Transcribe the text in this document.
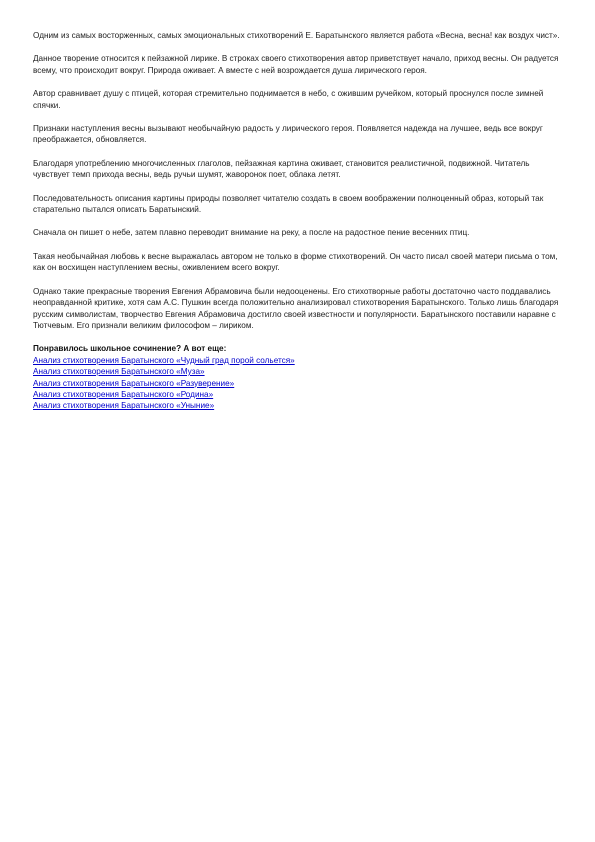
Одним из самых восторженных, самых эмоциональных стихотворений Е. Баратынского является работа «Весна, весна! как воздух чист».

Данное творение относится к пейзажной лирике. В строках своего стихотворения автор приветствует начало, приход весны. Он радуется всему, что происходит вокруг. Природа оживает. А вместе с ней возрождается душа лирического героя.

Автор сравнивает душу с птицей, которая стремительно поднимается в небо, с ожившим ручейком, который проснулся после зимней спячки.

Признаки наступления весны вызывают необычайную радость у лирического героя. Появляется надежда на лучшее, ведь все вокруг преображается, обновляется.

Благодаря употреблению многочисленных глаголов, пейзажная картина оживает, становится реалистичной, подвижной. Читатель чувствует темп прихода весны, ведь ручьи шумят, жаворонок поет, облака летят.

Последовательность описания картины природы позволяет читателю создать в своем воображении полноценный образ, который так старательно пытался описать Баратынский.

Сначала он пишет о небе, затем плавно переводит внимание на реку, а после на радостное пение весенних птиц.

Такая необычайная любовь к весне выражалась автором не только в форме стихотворений. Он часто писал своей матери письма о том, как он восхищен наступлением весны, оживлением всего вокруг.

Однако такие прекрасные творения Евгения Абрамовича были недооценены. Его стихотворные работы достаточно часто поддавались неоправданной критике, хотя сам А.С. Пушкин всегда положительно анализировал стихотворения Баратынского. Только лишь благодаря русским символистам, творчество Евгения Абрамовича достигло своей известности и популярности. Баратынского поставили наравне с Тютчевым. Его признали великим философом – лириком.

Понравилось школьное сочинение? А вот еще:

Анализ стихотворения Баратынского «Чудный град порой сольется»
Анализ стихотворения Баратынского «Муза»
Анализ стихотворения Баратынского «Разуверение»
Анализ стихотворения Баратынского «Родина»
Анализ стихотворения Баратынского «Уныние»
